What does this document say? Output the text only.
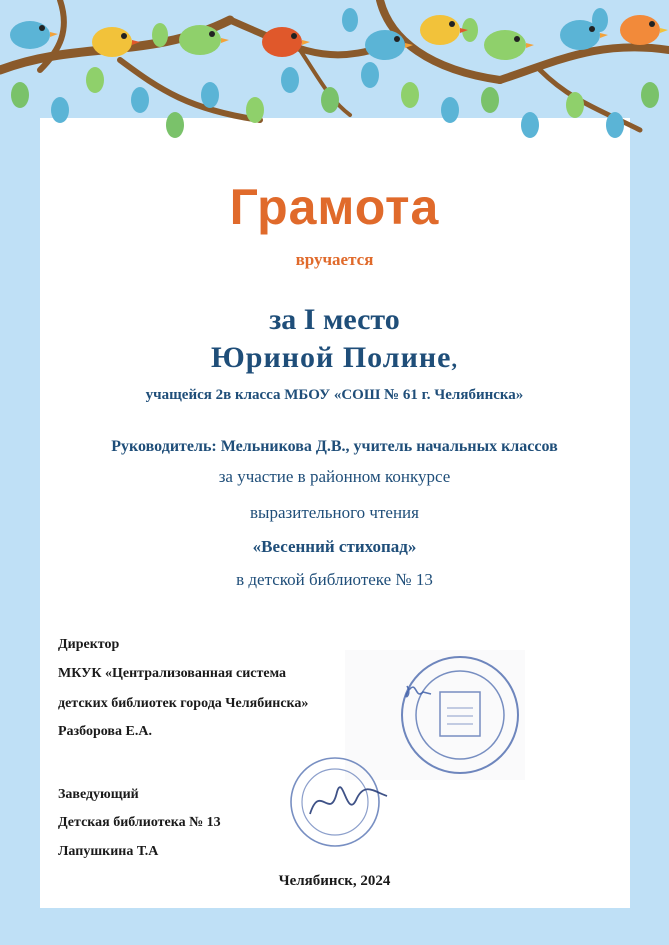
Грамота
вручается
за I место
Юриной Полине,
учащейся 2в класса МБОУ «СОШ № 61 г. Челябинска»
Руководитель: Мельникова Д.В., учитель начальных классов
за участие в районном конкурсе
выразительного чтения
«Весенний стихопад»
в детской библиотеке № 13
Директор
МКУК «Централизованная система
детских библиотек города Челябинска»
Разборова Е.А.
Заведующий
Детская библиотека № 13
Лапушкина Т.А
Челябинск, 2024
